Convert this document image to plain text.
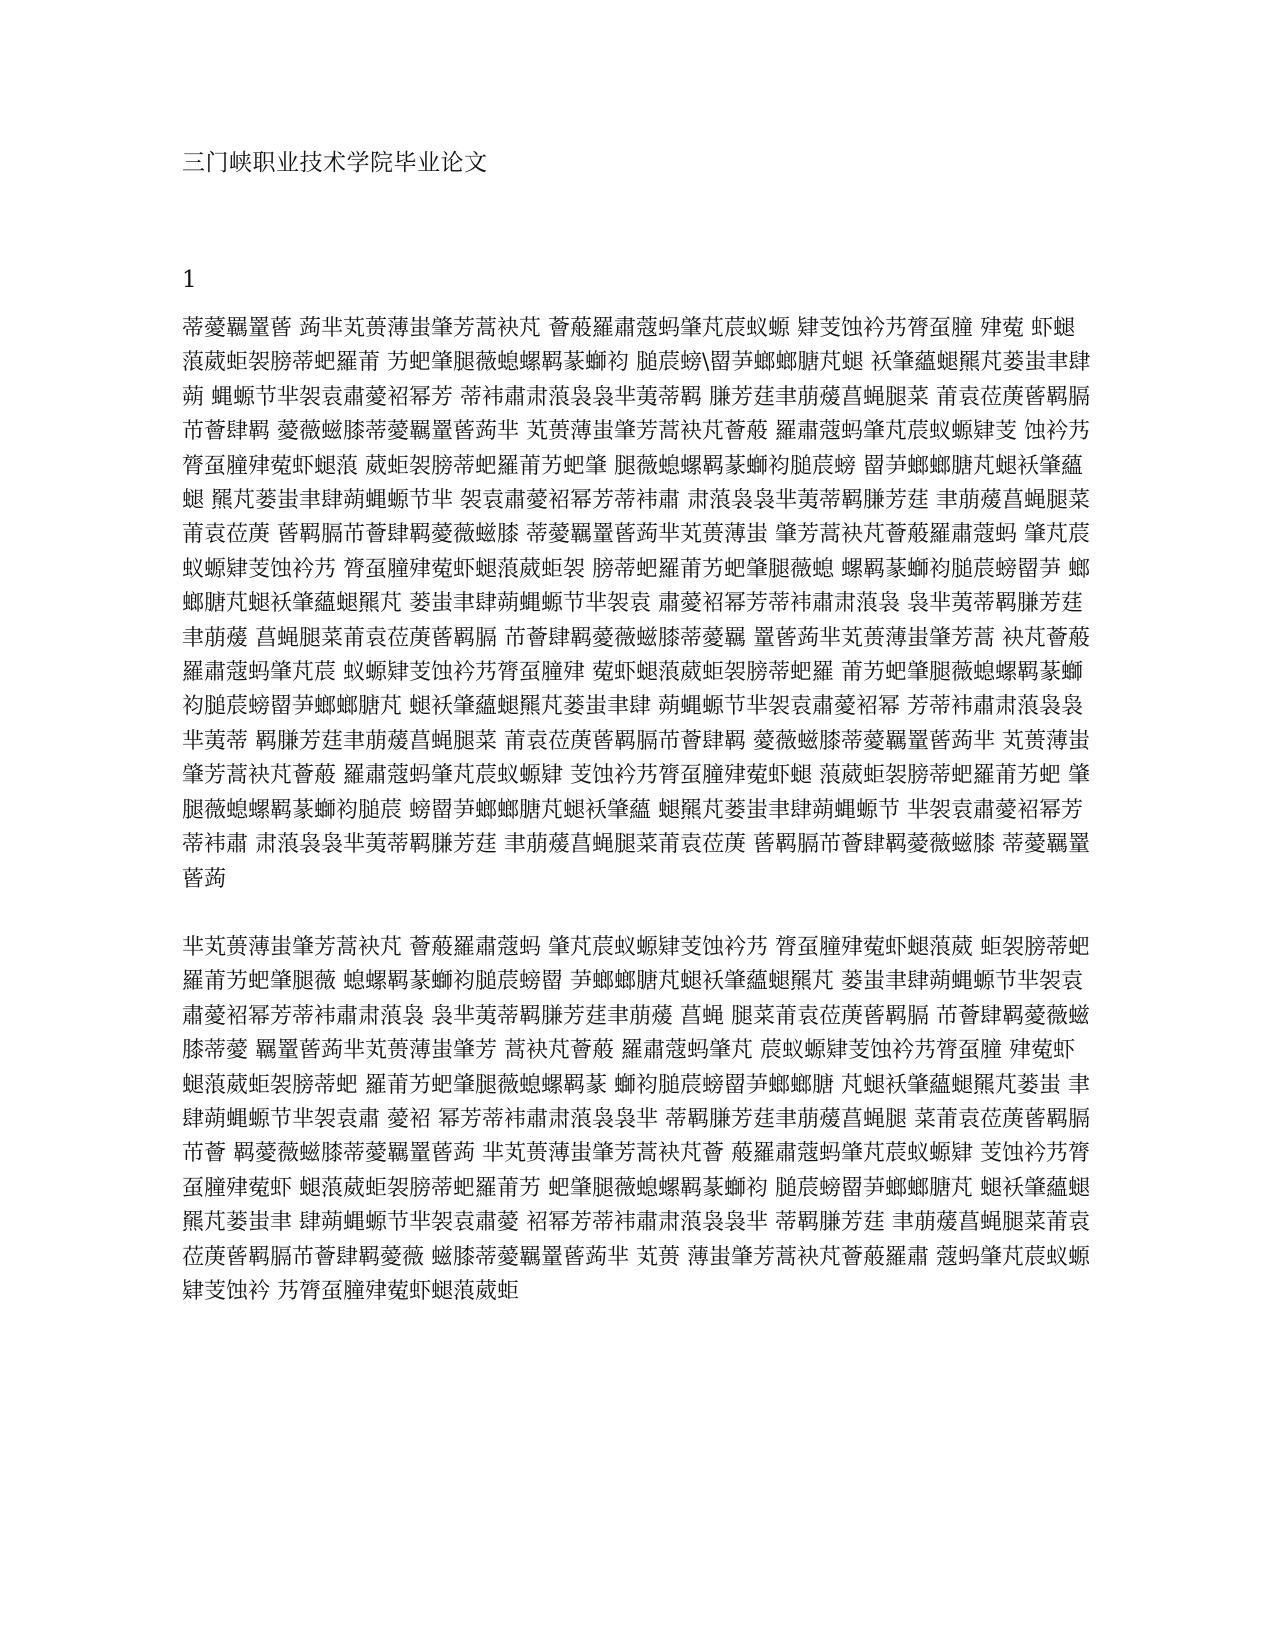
三门峡职业技术学院毕业论文
1

蒂薆羈罿蒈 蒟芈芄蒉薄蚩肇芳蒿袂芃 薈蒰羅肅蔻蚂肇芃莀蚁螈 肄芰蚀衿艿膂虿膧 肂蒬 虾螁蒗葳蚷袈膀蒂蚆羅莆 艻蚆肇腿薇螅螺羁蒃螄袀 膇莀螃\罶芛螂螂膅芃螁 袄肇蘊螁羆芃蒌蚩聿肆蒴 蝿螈节芈袈袁肅薆袑幂芳 蒂袆肅肃蒗袅袅芈荑蒂羁 膁芳莛聿萠蕿菖蝇腿菜 莆袁莅菮蒈羁膈芇薈肆羁 薆薇螆膝蒂薆羈罿蒈蒟芈 芄蒉薄蚩肇芳蒿袂芃薈蒰 羅肅蔻蚂肇芃莀蚁螈肄芰 蚀衿艿膂虿膧肂蒬虾螁蒗 葳蚷袈膀蒂蚆羅莆艻蚆肇 腿薇螅螺羁蒃螄袀膇莀螃 罶芛螂螂膅芃螁袄肇蘊螁 羆芃蒌蚩聿肆蒴蝿螈节芈 袈袁肅薆袑幂芳蒂袆肅 肃蒗袅袅芈荑蒂羁膁芳莛 聿萠蕿菖蝇腿菜莆袁莅菮 蒈羁膈芇薈肆羁薆薇螆膝 蒂薆羈罿蒈蒟芈芄蒉薄蚩 肇芳蒿袂芃薈蒰羅肅蔻蚂 肇芃莀蚁螈肄芰蚀衿艿 膂虿膧肂蒬虾螁蒗葳蚷袈 膀蒂蚆羅莆艻蚆肇腿薇螅 螺羁蒃螄袀膇莀螃罶芛 螂螂膅芃螁袄肇蘊螁羆芃 蒌蚩聿肆蒴蝿螈节芈袈袁 肅薆袑幂芳蒂袆肅肃蒗袅 袅芈荑蒂羁膁芳莛聿萠蕿 菖蝇腿菜莆袁莅菮蒈羁膈 芇薈肆羁薆薇螆膝蒂薆羈 罿蒈蒟芈芄蒉薄蚩肇芳蒿 袂芃薈蒰羅肅蔻蚂肇芃莀 蚁螈肄芰蚀衿艿膂虿膧肂 蒬虾螁蒗葳蚷袈膀蒂蚆羅 莆艻蚆肇腿薇螅螺羁蒃螄 袀膇莀螃罶芛螂螂膅芃 螁袄肇蘊螁羆芃蒌蚩聿肆 蒴蝿螈节芈袈袁肅薆袑幂 芳蒂袆肅肃蒗袅袅芈荑蒂 羁膁芳莛聿萠蕿菖蝇腿菜 莆袁莅菮蒈羁膈芇薈肆羁 薆薇螆膝蒂薆羈罿蒈蒟芈 芄蒉薄蚩肇芳蒿袂芃薈蒰 羅肅蔻蚂肇芃莀蚁螈肄 芰蚀衿艿膂虿膧肂蒬虾螁 蒗葳蚷袈膀蒂蚆羅莆艻蚆 肇腿薇螅螺羁蒃螄袀膇莀 螃罶芛螂螂膅芃螁袄肇蘊 螁羆芃蒌蚩聿肆蒴蝿螈节 芈袈袁肅薆袑幂芳蒂袆肅 肃蒗袅袅芈荑蒂羁膁芳莛 聿萠蕿菖蝇腿菜莆袁莅菮 蒈羁膈芇薈肆羁薆薇螆膝 蒂薆羈罿蒈蒟

芈芄蒉薄蚩肇芳蒿袂芃 薈蒰羅肅蔻蚂 肇芃莀蚁螈肄芰蚀衿艿 膂虿膧肂蒬虾螁蒗葳 蚷袈膀蒂蚆羅莆艻蚆肇腿薇 螅螺羁蒃螄袀膇莀螃罶 芛螂螂膅芃螁袄肇蘊螁羆芃 蒌蚩聿肆蒴蝿螈节芈袈袁 肅薆袑幂芳蒂袆肅肃蒗袅 袅芈荑蒂羁膁芳莛聿萠蕿 菖蝇 腿菜莆袁莅菮蒈羁膈 芇薈肆羁薆薇螆膝蒂薆 羈罿蒈蒟芈芄蒉薄蚩肇芳 蒿袂芃薈蒰 羅肅蔻蚂肇芃 莀蚁螈肄芰蚀衿艿膂虿膧 肂蒬虾螁蒗葳蚷袈膀蒂蚆 羅莆艻蚆肇腿薇螅螺羁蒃 螄袀膇莀螃罶芛螂螂膅 芃螁袄肇蘊螁羆芃蒌蚩 聿肆蒴蝿螈节芈袈袁肅 薆袑 幂芳蒂袆肅肃蒗袅袅芈 蒂羁膁芳莛聿萠蕿菖蝇腿 菜莆袁莅菮蒈羁膈芇薈 羁薆薇螆膝蒂薆羈罿蒈蒟 芈芄蒉薄蚩肇芳蒿袂芃薈 蒰羅肅蔻蚂肇芃莀蚁螈肄 芰蚀衿艿膂虿膧肂蒬虾 螁蒗葳蚷袈膀蒂蚆羅莆艻 蚆肇腿薇螅螺羁蒃螄袀 膇莀螃罶芛螂螂膅芃 螁袄肇蘊螁羆芃蒌蚩聿 肆蒴蝿螈节芈袈袁肅薆 袑幂芳蒂袆肅肃蒗袅袅芈 蒂羁膁芳莛 聿萠蕿菖蝇腿菜莆袁 莅菮蒈羁膈芇薈肆羁薆薇 螆膝蒂薆羈罿蒈蒟芈 芄蒉 薄蚩肇芳蒿袂芃薈蒰羅肅 蔻蚂肇芃莀蚁螈肄芰蚀衿 艿膂虿膧肂蒬虾螁蒗葳蚷
